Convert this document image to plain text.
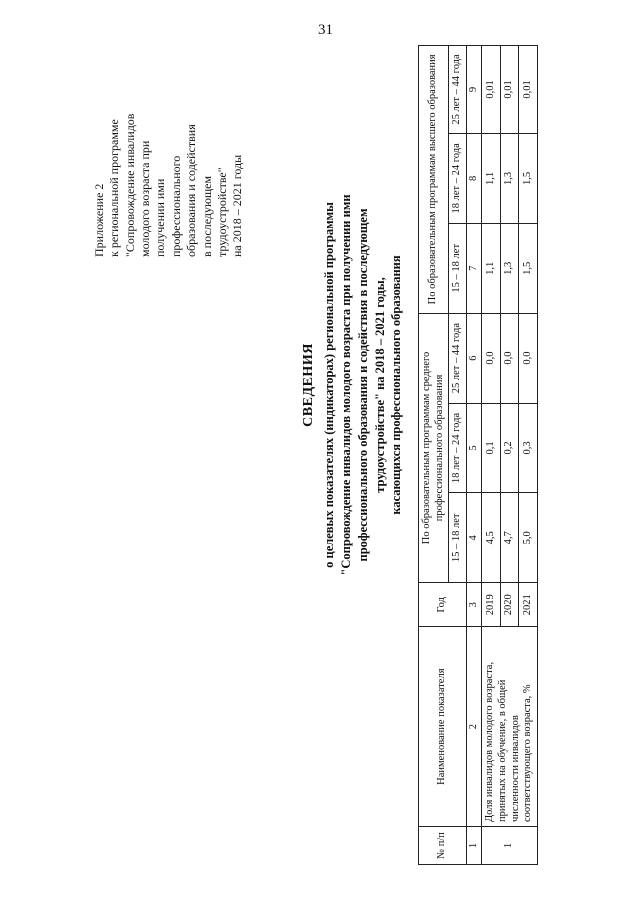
31
Приложение 2 к региональной программе "Сопровождение инвалидов молодого возраста при получении ими профессионального образования и содействия в последующем трудоустройстве" на 2018 – 2021 годы
СВЕДЕНИЯ о целевых показателях (индикаторах) региональной программы "Сопровождение инвалидов молодого возраста при получении ими профессионального образования и содействия в последующем трудоустройстве" на 2018 – 2021 годы, касающихся профессионального образования
№ п/п	Наименование показателя	Год	По образовательным программам среднего профессионального образования			По образовательным программам высшего образования		
			15 – 18 лет	18 лет – 24 года	25 лет – 44 года	15 – 18 лет	18 лет – 24 года	25 лет – 44 года
1	2	3	4	5	6	7	8	9
1	Доля инвалидов молодого возраста, принятых на обучение, в общей численности инвалидов соответствующего возраста, %	2019	4,5	0,1	0,0	1,1	1,1	0,01
		2020	4,7	0,2	0,0	1,3	1,3	0,01
		2021	5,0	0,3	0,0	1,5	1,5	0,01
